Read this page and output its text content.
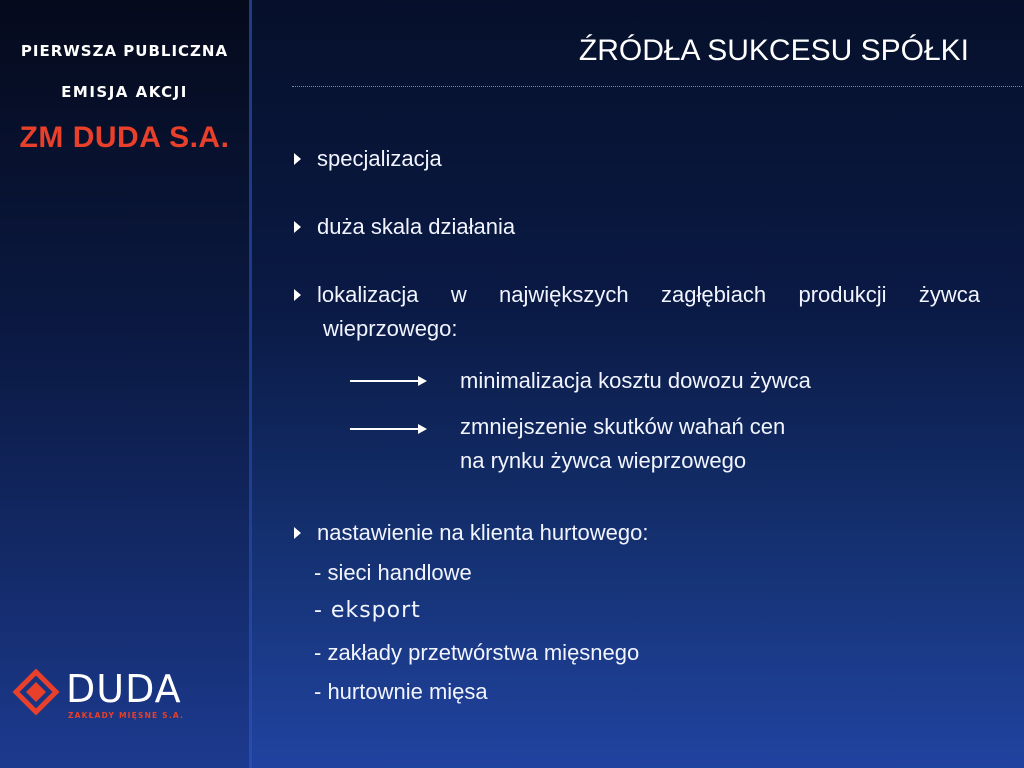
PIERWSZA PUBLICZNA
EMISJA AKCJI
ZM DUDA S.A.
DUDA
ZAKŁADY MIĘSNE S.A.
ŹRÓDŁA SUKCESU SPÓŁKI
specjalizacja
duża skala działania
lokalizacja w największych zagłębiach produkcji żywca
wieprzowego:
minimalizacja kosztu dowozu żywca
zmniejszenie skutków wahań cen
na rynku żywca wieprzowego
nastawienie na klienta hurtowego:
- sieci handlowe
- eksport
- zakłady przetwórstwa mięsnego
- hurtownie mięsa
